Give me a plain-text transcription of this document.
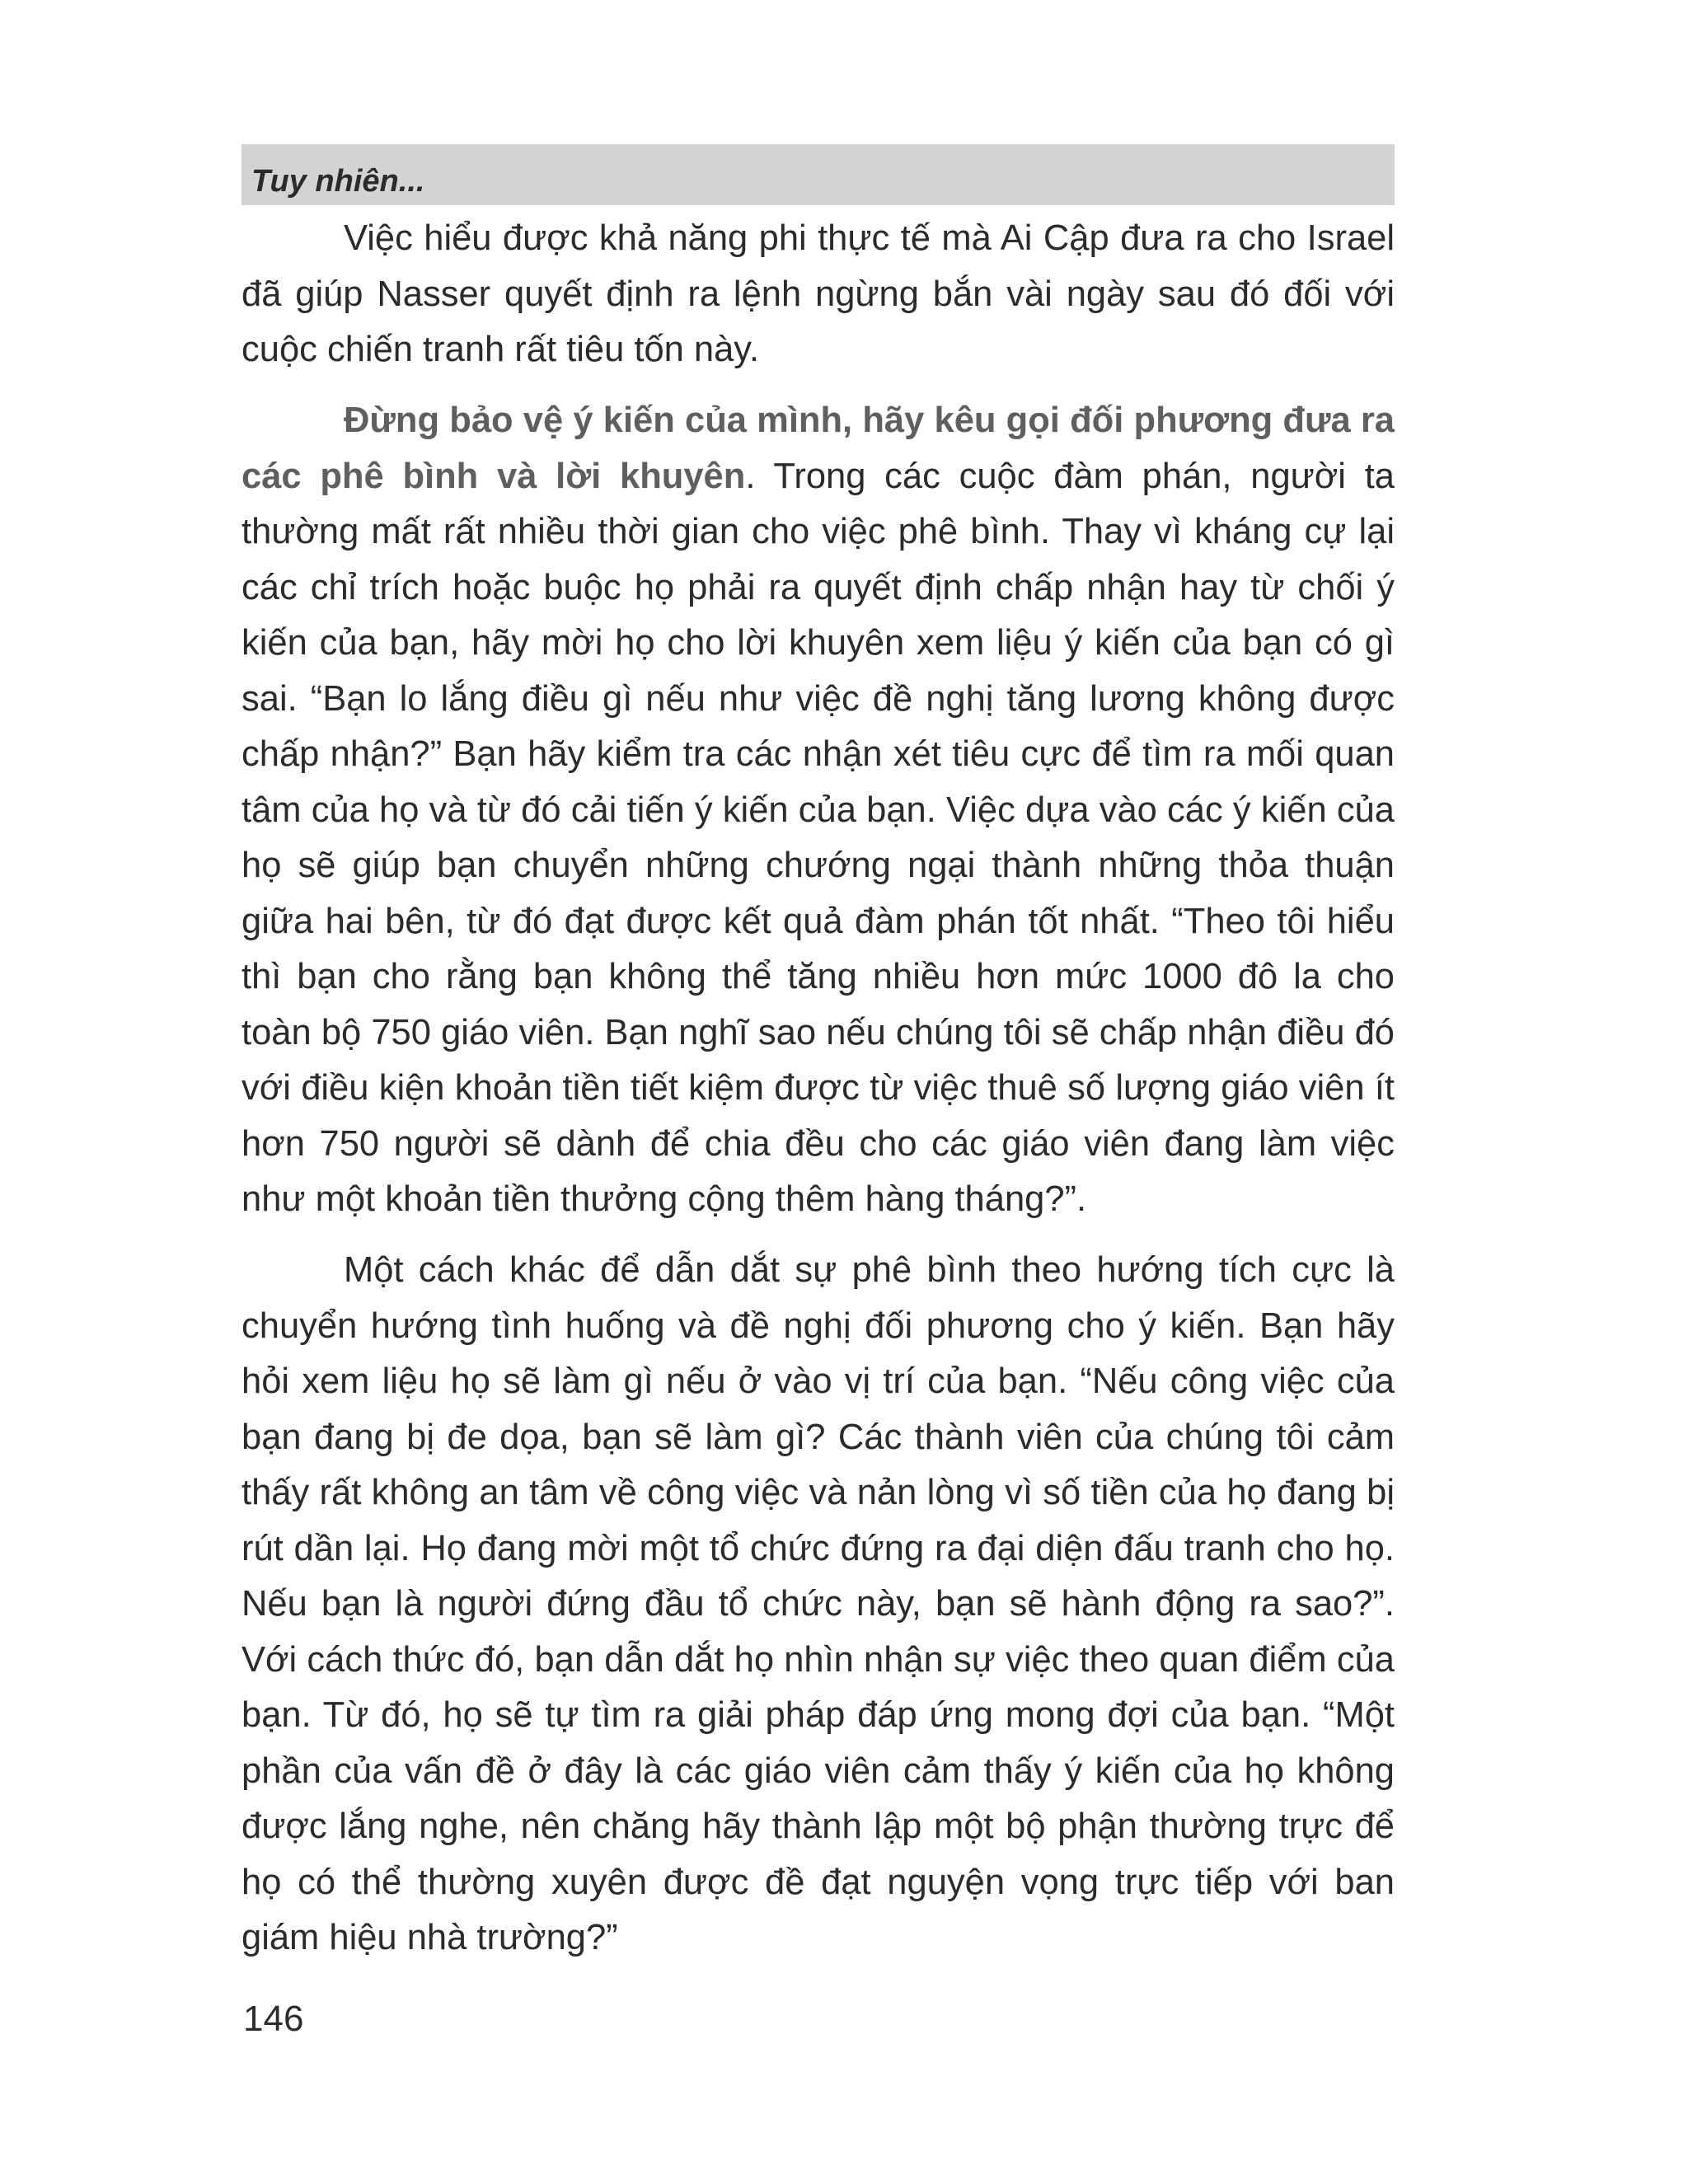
Tuy nhiên...

Việc hiểu được khả năng phi thực tế mà Ai Cập đưa ra cho Israel đã giúp Nasser quyết định ra lệnh ngừng bắn vài ngày sau đó đối với cuộc chiến tranh rất tiêu tốn này.

Đừng bảo vệ ý kiến của mình, hãy kêu gọi đối phương đưa ra các phê bình và lời khuyên. Trong các cuộc đàm phán, người ta thường mất rất nhiều thời gian cho việc phê bình. Thay vì kháng cự lại các chỉ trích hoặc buộc họ phải ra quyết định chấp nhận hay từ chối ý kiến của bạn, hãy mời họ cho lời khuyên xem liệu ý kiến của bạn có gì sai. “Bạn lo lắng điều gì nếu như việc đề nghị tăng lương không được chấp nhận?” Bạn hãy kiểm tra các nhận xét tiêu cực để tìm ra mối quan tâm của họ và từ đó cải tiến ý kiến của bạn. Việc dựa vào các ý kiến của họ sẽ giúp bạn chuyển những chướng ngại thành những thỏa thuận giữa hai bên, từ đó đạt được kết quả đàm phán tốt nhất. “Theo tôi hiểu thì bạn cho rằng bạn không thể tăng nhiều hơn mức 1000 đô la cho toàn bộ 750 giáo viên. Bạn nghĩ sao nếu chúng tôi sẽ chấp nhận điều đó với điều kiện khoản tiền tiết kiệm được từ việc thuê số lượng giáo viên ít hơn 750 người sẽ dành để chia đều cho các giáo viên đang làm việc như một khoản tiền thưởng cộng thêm hàng tháng?”.

Một cách khác để dẫn dắt sự phê bình theo hướng tích cực là chuyển hướng tình huống và đề nghị đối phương cho ý kiến. Bạn hãy hỏi xem liệu họ sẽ làm gì nếu ở vào vị trí của bạn. “Nếu công việc của bạn đang bị đe dọa, bạn sẽ làm gì? Các thành viên của chúng tôi cảm thấy rất không an tâm về công việc và nản lòng vì số tiền của họ đang bị rút dần lại. Họ đang mời một tổ chức đứng ra đại diện đấu tranh cho họ. Nếu bạn là người đứng đầu tổ chức này, bạn sẽ hành động ra sao?”. Với cách thức đó, bạn dẫn dắt họ nhìn nhận sự việc theo quan điểm của bạn. Từ đó, họ sẽ tự tìm ra giải pháp đáp ứng mong đợi của bạn. “Một phần của vấn đề ở đây là các giáo viên cảm thấy ý kiến của họ không được lắng nghe, nên chăng hãy thành lập một bộ phận thường trực để họ có thể thường xuyên được đề đạt nguyện vọng trực tiếp với ban giám hiệu nhà trường?”

146
